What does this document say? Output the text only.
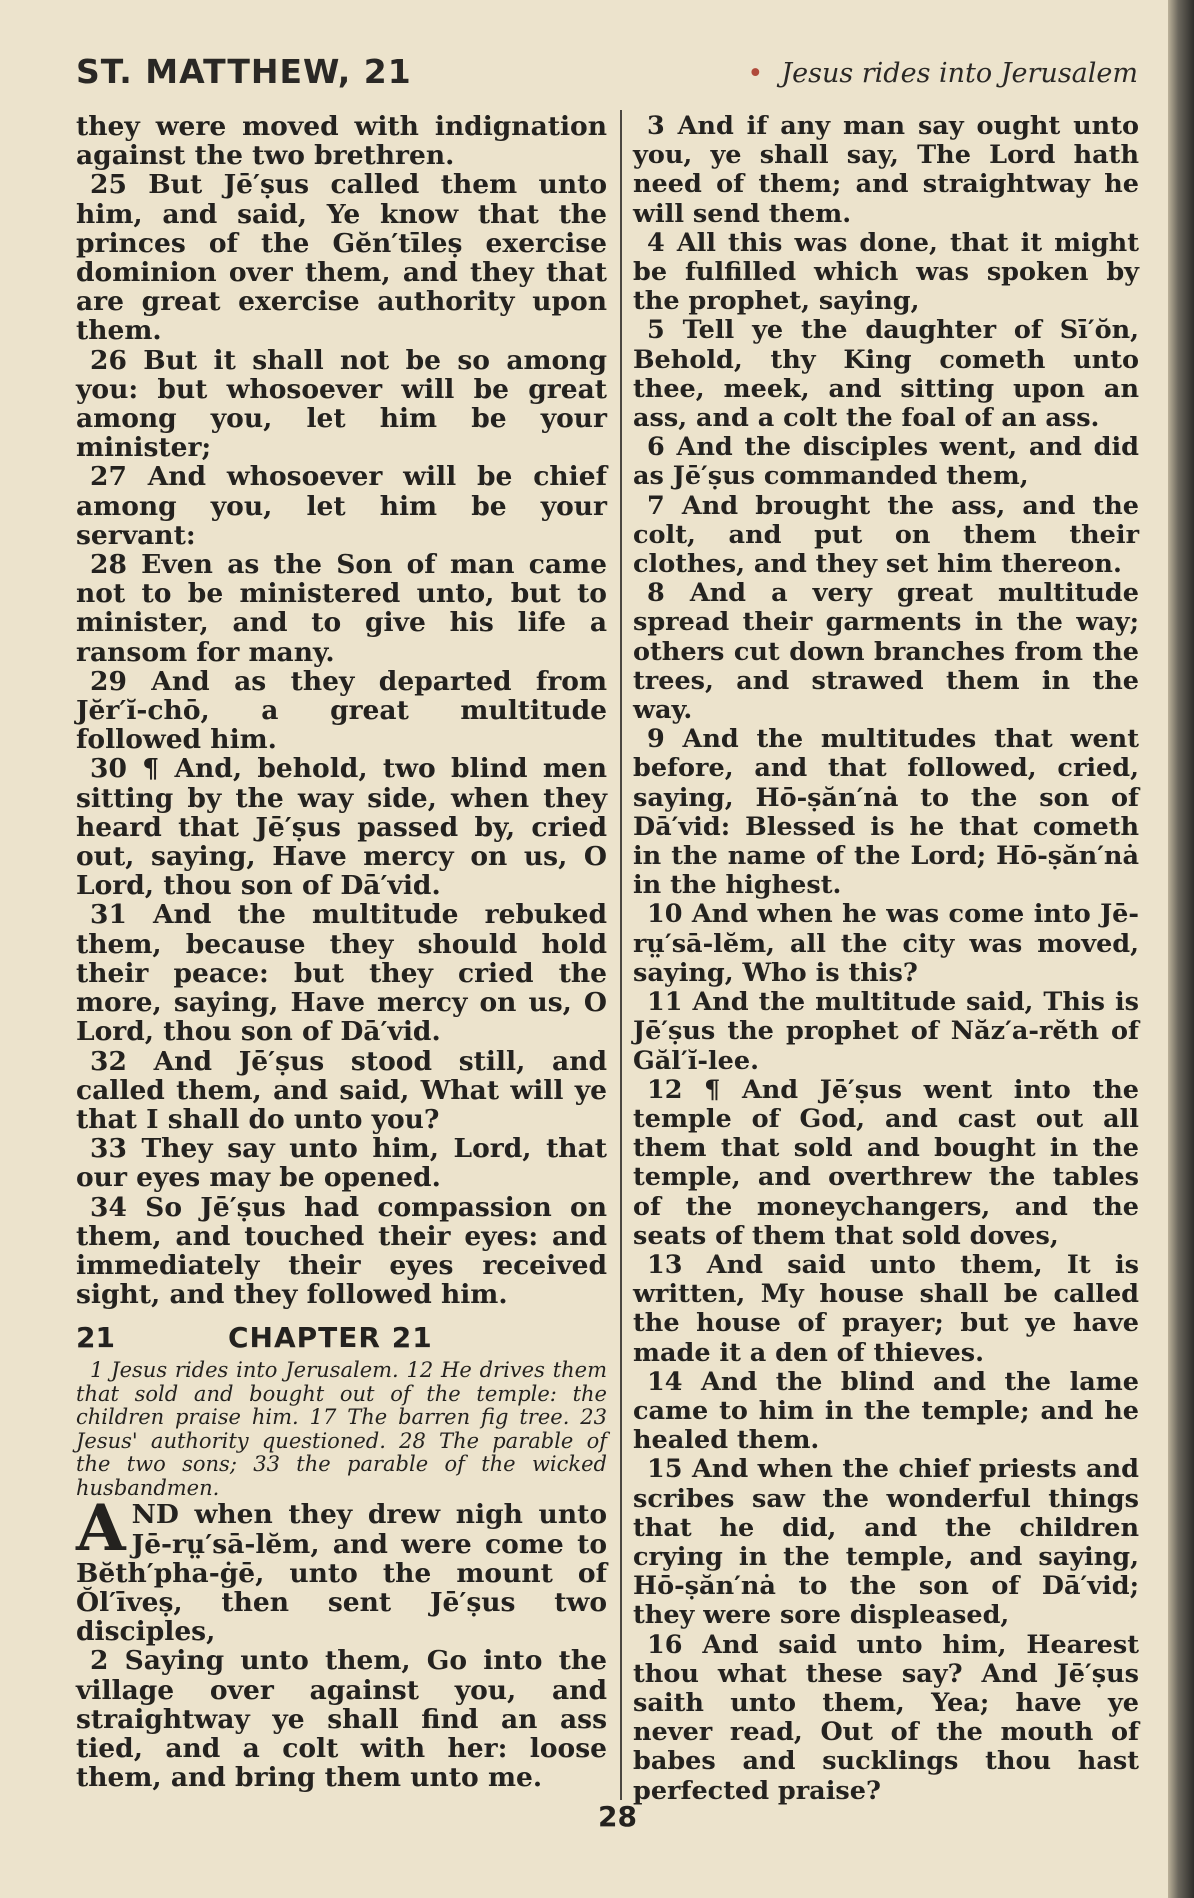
ST. MATTHEW, 21	• Jesus rides into Jerusalem

they were moved with indignation against the two brethren.

25 But Jē′ṣus called them unto him, and said, Ye know that the princes of the Gĕn′tīleṣ exercise dominion over them, and they that are great exercise authority upon them.

26 But it shall not be so among you: but whosoever will be great among you, let him be your minister;

27 And whosoever will be chief among you, let him be your servant:

28 Even as the Son of man came not to be ministered unto, but to minister, and to give his life a ransom for many.

29 And as they departed from Jĕr′ĭ-chō, a great multitude followed him.

30 ¶ And, behold, two blind men sitting by the way side, when they heard that Jē′ṣus passed by, cried out, saying, Have mercy on us, O Lord, thou son of Dā′vid.

31 And the multitude rebuked them, because they should hold their peace: but they cried the more, saying, Have mercy on us, O Lord, thou son of Dā′vid.

32 And Jē′ṣus stood still, and called them, and said, What will ye that I shall do unto you?

33 They say unto him, Lord, that our eyes may be opened.

34 So Jē′ṣus had compassion on them, and touched their eyes: and immediately their eyes received sight, and they followed him.

21	CHAPTER 21

1 Jesus rides into Jerusalem. 12 He drives them that sold and bought out of the temple: the children praise him. 17 The barren fig tree. 23 Jesus' authority questioned. 28 The parable of the two sons; 33 the parable of the wicked husbandmen.

AND when they drew nigh unto Jē-rṳ′sā-lĕm, and were come to Bĕth′pha-ġē, unto the mount of Ŏl′īveṣ, then sent Jē′ṣus two disciples,

2 Saying unto them, Go into the village over against you, and straightway ye shall find an ass tied, and a colt with her: loose them, and bring them unto me.

3 And if any man say ought unto you, ye shall say, The Lord hath need of them; and straightway he will send them.

4 All this was done, that it might be fulfilled which was spoken by the prophet, saying,

5 Tell ye the daughter of Sī′ŏn, Behold, thy King cometh unto thee, meek, and sitting upon an ass, and a colt the foal of an ass.

6 And the disciples went, and did as Jē′ṣus commanded them,

7 And brought the ass, and the colt, and put on them their clothes, and they set him thereon.

8 And a very great multitude spread their garments in the way; others cut down branches from the trees, and strawed them in the way.

9 And the multitudes that went before, and that followed, cried, saying, Hō-ṣăn′nȧ to the son of Dā′vid: Blessed is he that cometh in the name of the Lord; Hō-ṣăn′nȧ in the highest.

10 And when he was come into Jē-rṳ′sā-lĕm, all the city was moved, saying, Who is this?

11 And the multitude said, This is Jē′ṣus the prophet of Năz′a-rĕth of Găl′ĭ-lee.

12 ¶ And Jē′ṣus went into the temple of God, and cast out all them that sold and bought in the temple, and overthrew the tables of the moneychangers, and the seats of them that sold doves,

13 And said unto them, It is written, My house shall be called the house of prayer; but ye have made it a den of thieves.

14 And the blind and the lame came to him in the temple; and he healed them.

15 And when the chief priests and scribes saw the wonderful things that he did, and the children crying in the temple, and saying, Hō-ṣăn′nȧ to the son of Dā′vid; they were sore displeased,

16 And said unto him, Hearest thou what these say? And Jē′ṣus saith unto them, Yea; have ye never read, Out of the mouth of babes and sucklings thou hast perfected praise?

28
